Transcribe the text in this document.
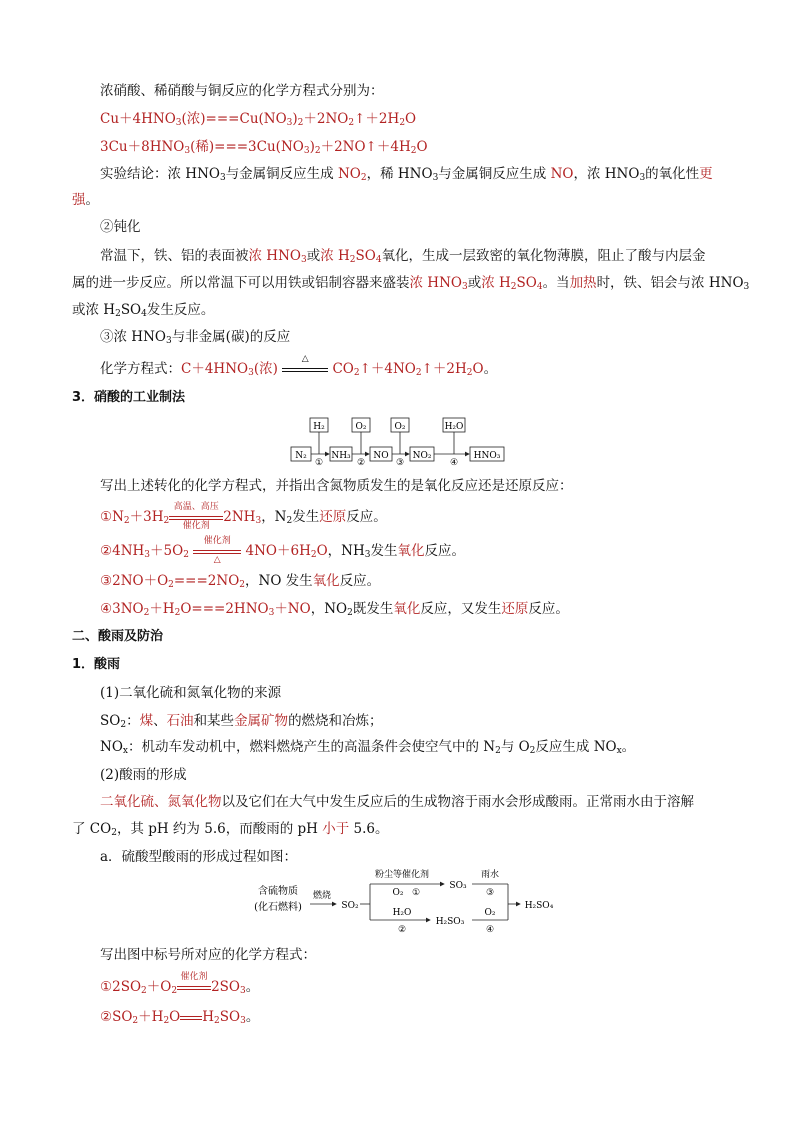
浓硝酸、稀硝酸与铜反应的化学方程式分别为：
$Cu+4HNO_3$(浓)$===Cu(NO_3)_2+2NO_2↑+2H_2O$
$3Cu+8HNO_3$(稀)$===3Cu(NO_3)_2+2NO↑+4H_2O$
实验结论：浓 $HNO_3$与金属铜反应生成 $NO_2$，稀 $HNO_3$与金属铜反应生成 NO，浓 $HNO_3$的氧化性更
强。
②钝化
常温下，铁、铝的表面被浓 $HNO_3$或浓 $H_2SO_4$氧化，生成一层致密的氧化物薄膜，阻止了酸与内层金
属的进一步反应。所以常温下可以用铁或铝制容器来盛装浓 $HNO_3$或浓 $H_2SO_4$。当加热时，铁、铝会与浓 $HNO_3$
或浓 $H_2SO_4$发生反应。
③浓 $HNO_3$与非金属(碳)的反应
化学方程式：$C+4HNO_3$(浓)
△
$CO_2↑+4NO_2↑+2H_2O$。
3．硝酸的工业制法
N₂	NH₃	NO	NO₂	HNO₃
H₂	O₂	O₂	H₂O
①	②	③	④
写出上述转化的化学方程式，并指出含氮物质发生的是氧化反应还是还原反应：
$①N_2+3H_2$
高温、高压
催化剂
$2NH_3$，$N_2$发生还原反应。
$②4NH_3+5O_2$
催化剂
△
$4NO+6H_2O$，$NH_3$发生氧化反应。
$③2NO+O_2===2NO_2$，NO 发生氧化反应。
$④3NO_2+H_2O===2HNO_3+NO$，$NO_2$既发生氧化反应，又发生还原反应。
二、酸雨及防治
1．酸雨
(1)二氧化硫和氮氧化物的来源
$SO_2$：煤、石油和某些金属矿物的燃烧和冶炼；
$NO_x$：机动车发动机中，燃料燃烧产生的高温条件会使空气中的 $N_2$与 $O_2$反应生成 $NO_x$。
(2)酸雨的形成
二氧化硫、氮氧化物以及它们在大气中发生反应后的生成物溶于雨水会形成酸雨。正常雨水由于溶解
了 $CO_2$，其 pH 约为 5.6，而酸雨的 pH 小于 5.6。
a．硫酸型酸雨的形成过程如图：
含硫物质
(化石燃料)
燃烧
SO₂
粉尘等催化剂
O₂ ①
SO₃
雨水
③
H₂SO₄
H₂O
②
H₂SO₃
O₂
④
写出图中标号所对应的化学方程式：
$①2SO_2+O_2$
催化剂
$2SO_3$。
$②SO_2+H_2O$ $H_2SO_3$。
